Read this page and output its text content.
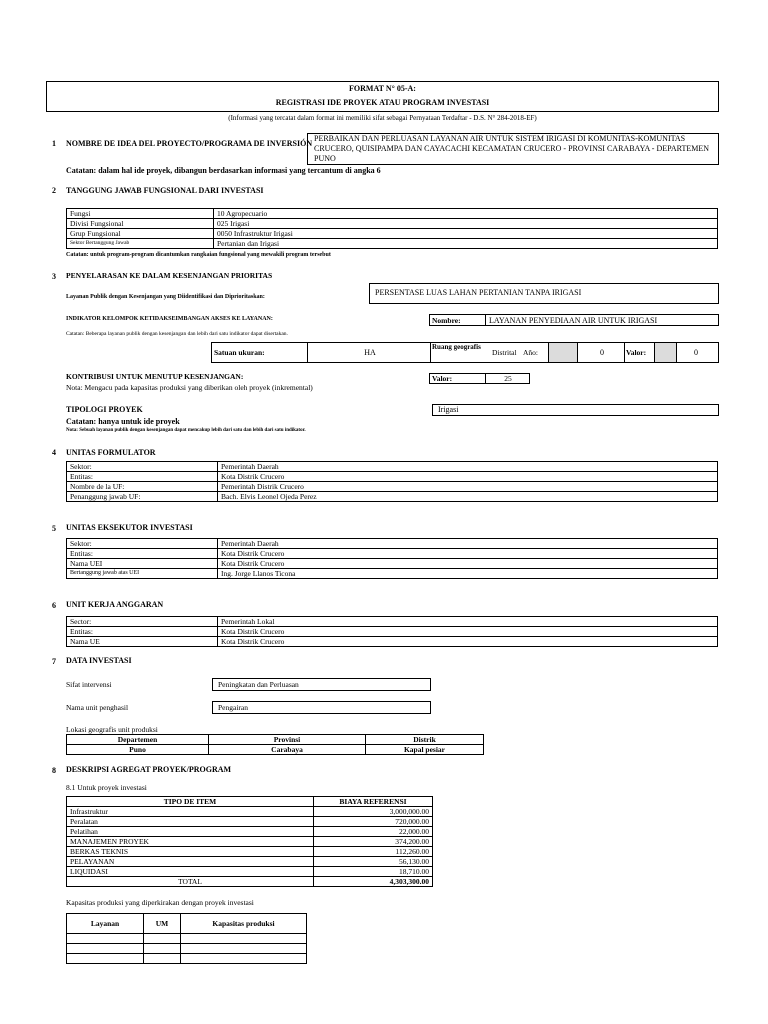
FORMAT N° 05-A:
REGISTRASI IDE PROYEK ATAU PROGRAM INVESTASI
(Informasi yang tercatat dalam format ini memiliki sifat sebagai Pernyataan Terdaftar - D.S. N° 284-2018-EF)
1 NOMBRE DE IDEA DEL PROYECTO/PROGRAMA DE INVERSIÓN
PERBAIKAN DAN PERLUASAN LAYANAN AIR UNTUK SISTEM IRIGASI DI KOMUNITAS-KOMUNITAS CRUCERO, QUISIPAMPA DAN CAYACACHI KECAMATAN CRUCERO - PROVINSI CARABAYA - DEPARTEMEN PUNO
Catatan: dalam hal ide proyek, dibangun berdasarkan informasi yang tercantum di angka 6
2 TANGGUNG JAWAB FUNGSIONAL DARI INVESTASI
Fungsi	10 Agropecuario
Divisi Fungsional	025 Irigasi
Grup Fungsional	0050 Infrastruktur Irigasi
Sektor Bertanggung Jawab	Pertanian dan Irigasi
Catatan: untuk program-program dicantumkan rangkaian fungsional yang mewakili program tersebut
3 PENYELARASAN KE DALAM KESENJANGAN PRIORITAS
Layanan Publik dengan Kesenjangan yang Diidentifikasi dan Diprioritaskan:	PERSENTASE LUAS LAHAN PERTANIAN TANPA IRIGASI
INDIKATOR KELOMPOK KETIDAKSEIMBANGAN AKSES KE LAYANAN:	Nombre:	LAYANAN PENYEDIAAN AIR UNTUK IRIGASI
Catatan: Beberapa layanan publik dengan kesenjangan dan lebih dari satu indikator dapat disertakan.
Satuan ukuran:	HA
Ruang geografis
Distrital Año:	0	Valor:	0
KONTRIBUSI UNTUK MENUTUP KESENJANGAN:
Nota: Mengacu pada kapasitas produksi yang diberikan oleh proyek (inkremental)
Valor:	25
TIPOLOGI PROYEK	Irigasi
Catatan: hanya untuk ide proyek
Nota: Sebuah layanan publik dengan kesenjangan dapat mencakup lebih dari satu dan lebih dari satu indikator.
4 UNITAS FORMULATOR
Sektor:	Pemerintah Daerah
Entitas:	Kota Distrik Crucero
Nombre de la UF:	Pemerintah Distrik Crucero
Penanggung jawab UF:	Bach. Elvis Leonel Ojeda Perez
5 UNITAS EKSEKUTOR INVESTASI
Sektor:	Pemerintah Daerah
Entitas:	Kota Distrik Crucero
Nama UEI	Kota Distrik Crucero
Bertanggung jawab atas UEI	Ing. Jorge Llanos Ticona
6 UNIT KERJA ANGGARAN
Sector:	Pemerintah Lokal
Entitas:	Kota Distrik Crucero
Nama UE	Kota Distrik Crucero
7 DATA INVESTASI
Sifat intervensi	Peningkatan dan Perluasan
Nama unit penghasil	Pengairan
Lokasi geografis unit produksi
Departemen	Provinsi	Distrik
Puno	Carabaya	Kapal pesiar
8 DESKRIPSI AGREGAT PROYEK/PROGRAM
8.1 Untuk proyek investasi
TIPO DE ITEM	BIAYA REFERENSI
Infrastruktur	3,000,000.00
Peralatan	720,000.00
Pelatihan	22,000.00
MANAJEMEN PROYEK	374,200.00
BERKAS TEKNIS	112,260.00
PELAYANAN	56,130.00
LIQUIDASI	18,710.00
TOTAL	4,303,300.00
Kapasitas produksi yang diperkirakan dengan proyek investasi
Layanan	UM	Kapasitas produksi
